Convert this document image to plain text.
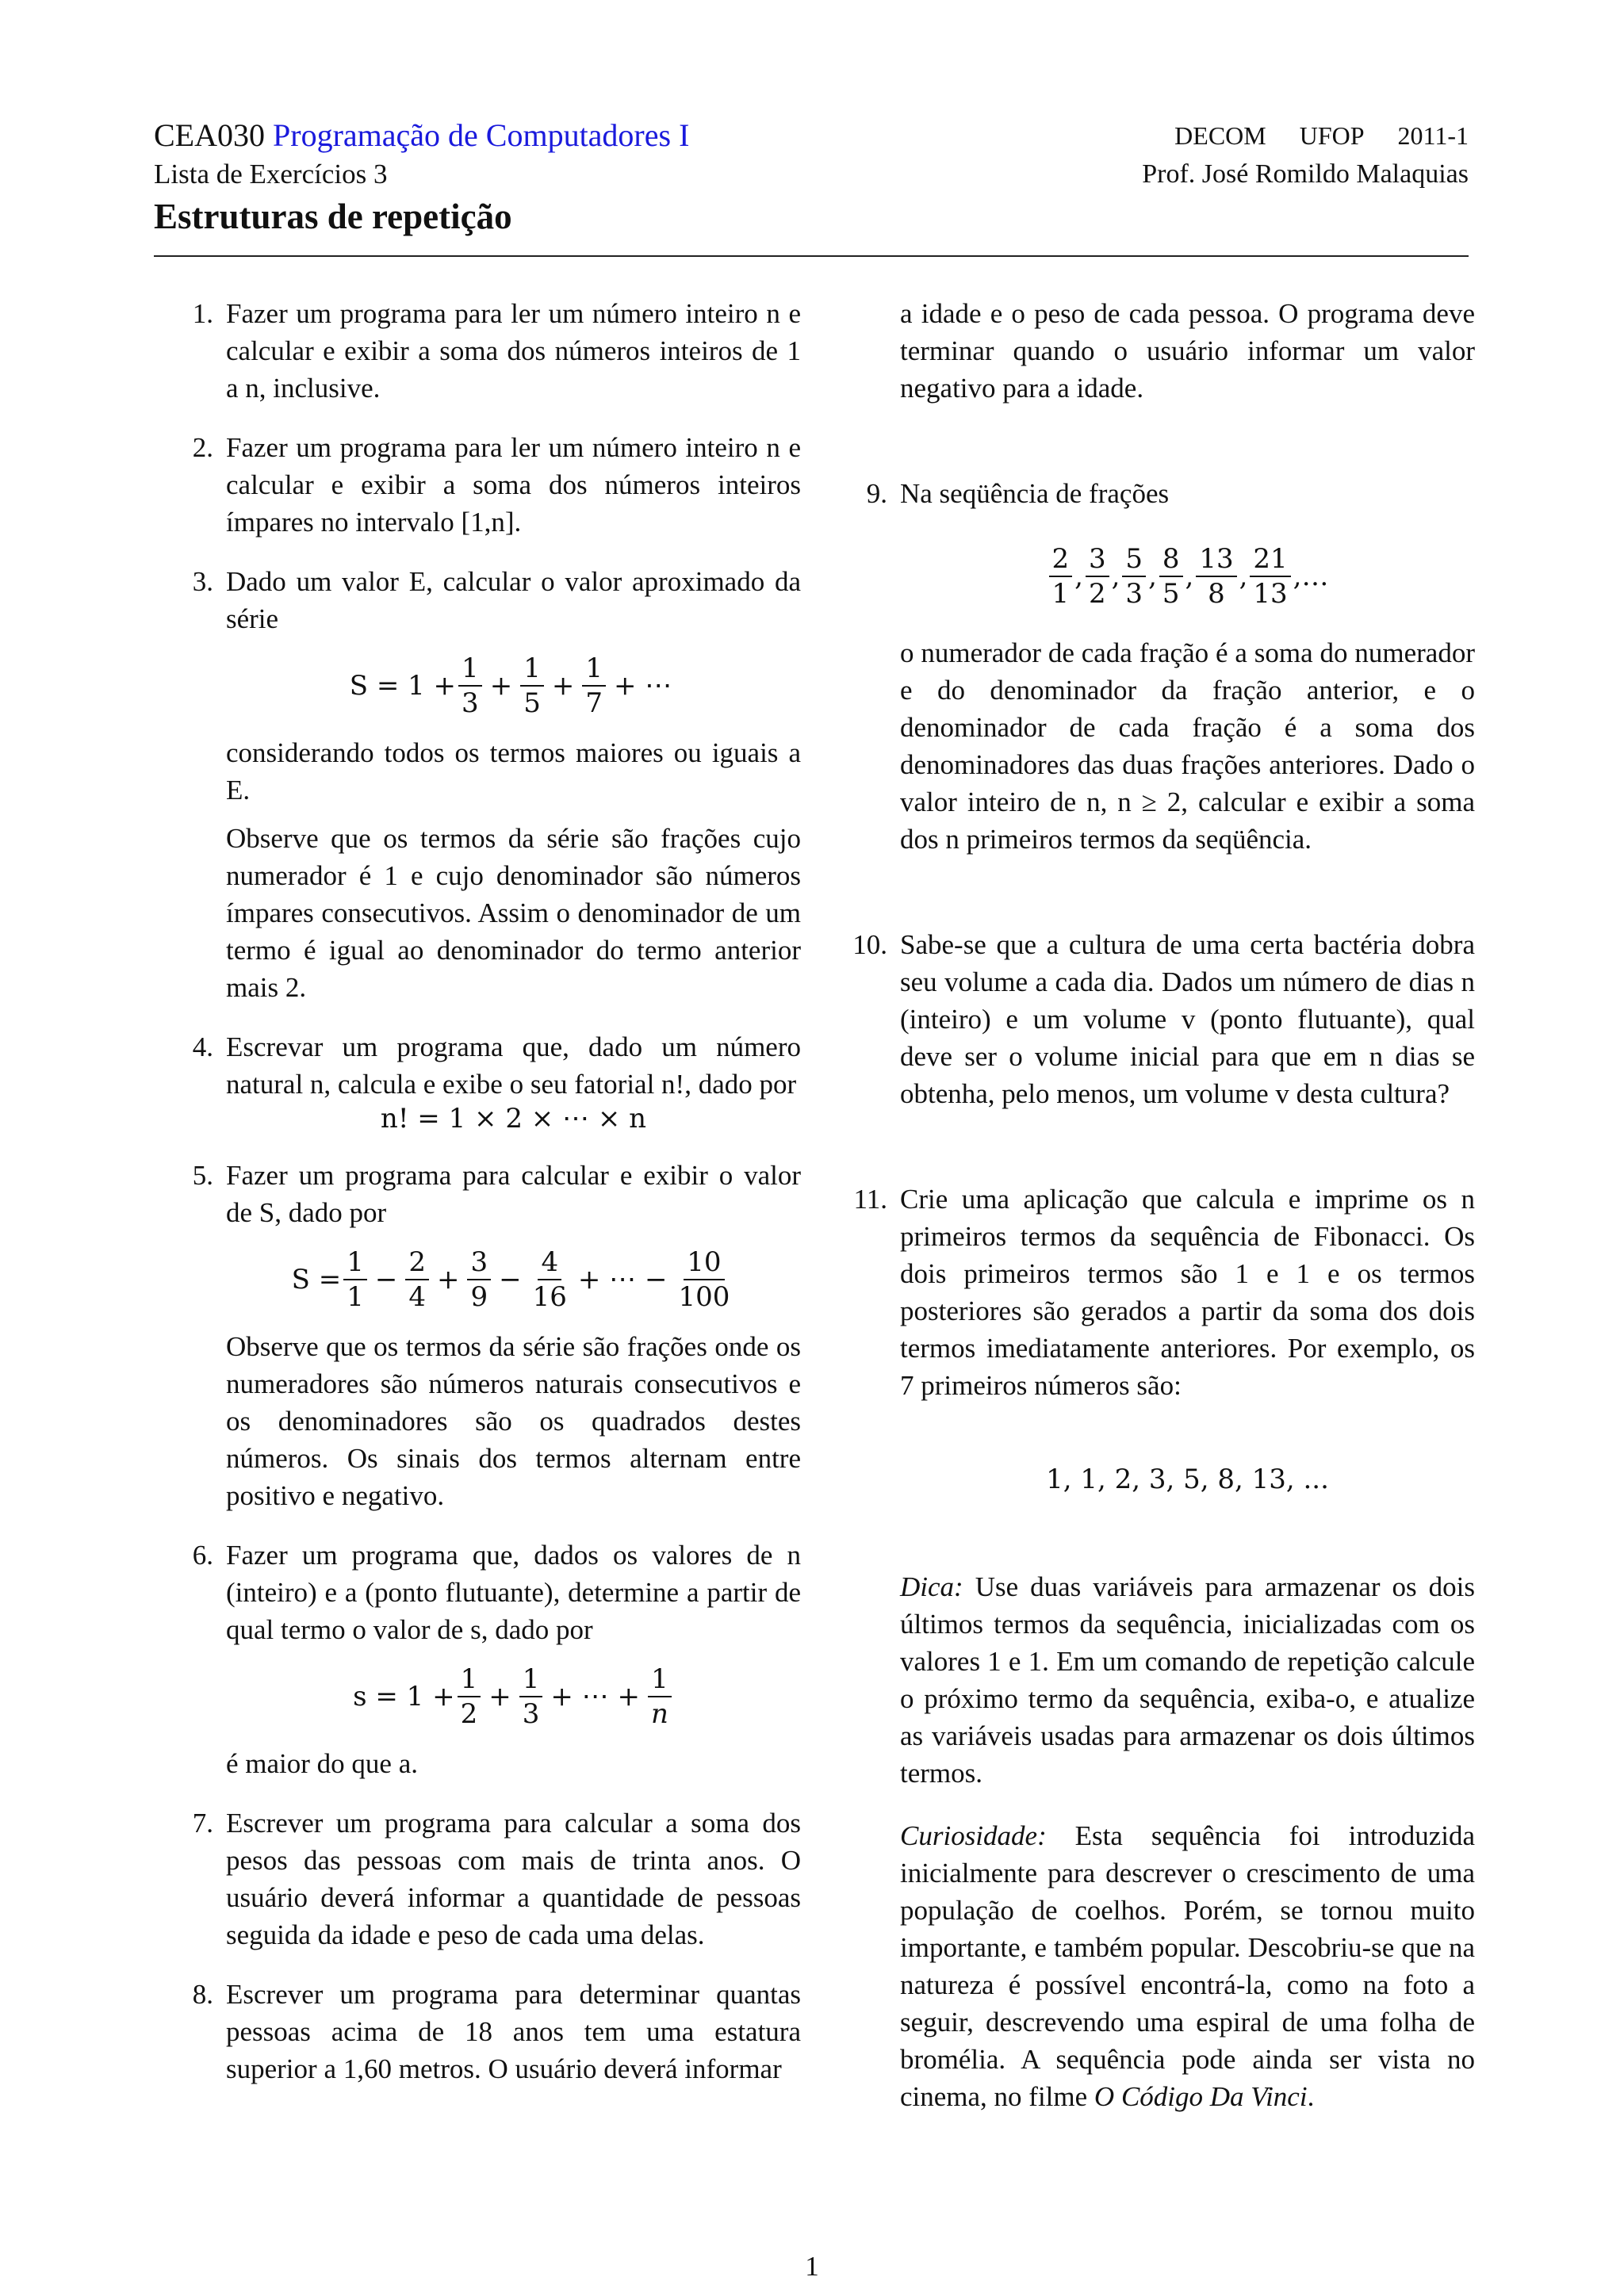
CEA030 Programação de Computadores I
Lista de Exercícios 3
Estruturas de repetição
DECOM UFOP 2011-1
Prof. José Romildo Malaquias
1. Fazer um programa para ler um número inteiro n e calcular e exibir a soma dos números inteiros de 1 a n, inclusive.

2. Fazer um programa para ler um número inteiro n e calcular e exibir a soma dos números inteiros ímpares no intervalo [1,n].

3. Dado um valor E, calcular o valor aproximado da série

$S = 1 + \frac{1}{3} + \frac{1}{5} + \frac{1}{7}$ + ⋯

considerando todos os termos maiores ou iguais a E.

Observe que os termos da série são frações cujo numerador é 1 e cujo denominador são números ímpares consecutivos. Assim o denominador de um termo é igual ao denominador do termo anterior mais 2.

4. Escrevar um programa que, dado um número natural n, calcula e exibe o seu fatorial n!, dado por

n! = 1 × 2 × ⋯ × n
5. Fazer um programa para calcular e exibir o valor de S, dado por

$S = \frac{1}{1} - \frac{2}{4} + \frac{3}{9} - \frac{4}{16}$ + ⋯ − $\frac{10}{100}$

Observe que os termos da série são frações onde os numeradores são números naturais consecutivos e os denominadores são os quadrados destes números. Os sinais dos termos alternam entre positivo e negativo.

6. Fazer um programa que, dados os valores de n (inteiro) e a (ponto flutuante), determine a partir de qual termo o valor de s, dado por

$s = 1 + \frac{1}{2} + \frac{1}{3}$ + ⋯ + $\frac{1}{n}$

é maior do que a.

7. Escrever um programa para calcular a soma dos pesos das pessoas com mais de trinta anos. O usuário deverá informar a quantidade de pessoas seguida da idade e peso de cada uma delas.

8. Escrever um programa para determinar quantas pessoas acima de 18 anos tem uma estatura superior a 1,60 metros. O usuário deverá informar

a idade e o peso de cada pessoa. O programa deve terminar quando o usuário informar um valor negativo para a idade.

9. Na seqüência de frações

$\frac{2}{1}$ , $\frac{3}{2}$ , $\frac{5}{3}$ , $\frac{8}{5}$ , $\frac{13}{8}$ , $\frac{21}{13}$ , …

o numerador de cada fração é a soma do numerador e do denominador da fração anterior, e o denominador de cada fração é a soma dos denominadores das duas frações anteriores. Dado o valor inteiro de n, n ≥ 2, calcular e exibir a soma dos n primeiros termos da seqüência.

10. Sabe-se que a cultura de uma certa bactéria dobra seu volume a cada dia. Dados um número de dias n (inteiro) e um volume v (ponto flutuante), qual deve ser o volume inicial para que em n dias se obtenha, pelo menos, um volume v desta cultura?

11. Crie uma aplicação que calcula e imprime os n primeiros termos da sequência de Fibonacci. Os dois primeiros termos são 1 e 1 e os termos posteriores são gerados a partir da soma dos dois termos imediatamente anteriores. Por exemplo, os 7 primeiros números são:

1, 1, 2, 3, 5, 8, 13, ...

Dica: Use duas variáveis para armazenar os dois últimos termos da sequência, inicializadas com os valores 1 e 1. Em um comando de repetição calcule o próximo termo da sequência, exiba-o, e atualize as variáveis usadas para armazenar os dois últimos termos.

Curiosidade: Esta sequência foi introduzida inicialmente para descrever o crescimento de uma população de coelhos. Porém, se tornou muito importante, e também popular. Descobriu-se que na natureza é possível encontrá-la, como na foto a seguir, descrevendo uma espiral de uma folha de bromélia. A sequência pode ainda ser vista no cinema, no filme O Código Da Vinci.

1
